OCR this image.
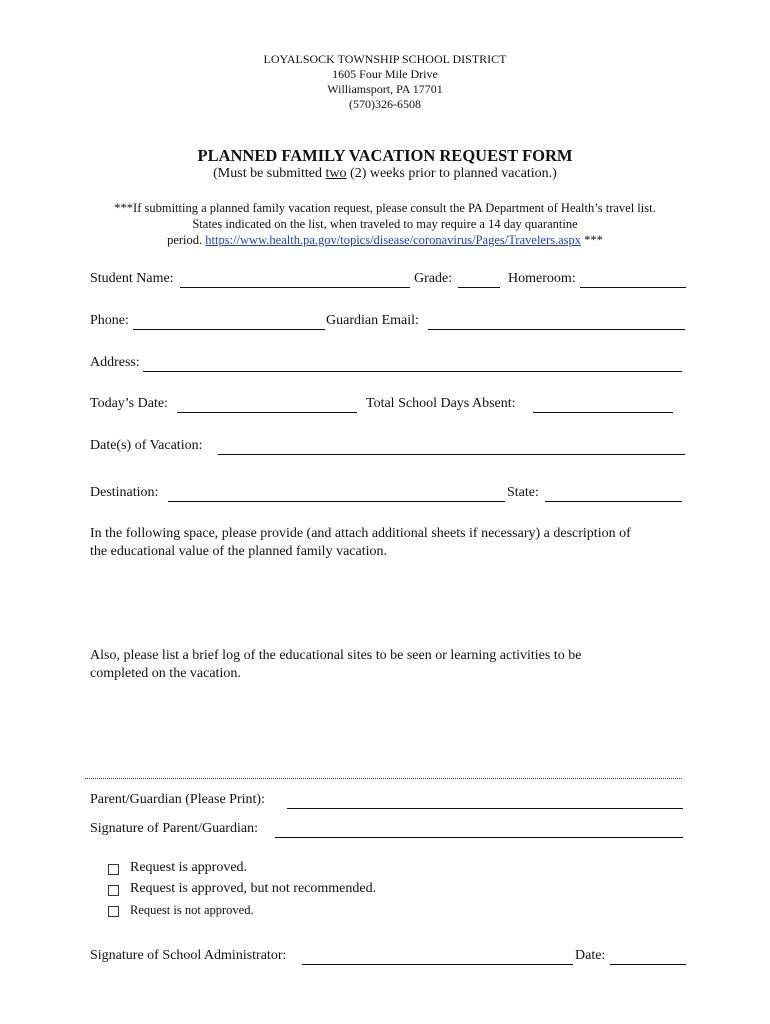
LOYALSOCK TOWNSHIP SCHOOL DISTRICT
1605 Four Mile Drive
Williamsport, PA 17701
(570)326-6508
PLANNED FAMILY VACATION REQUEST FORM
(Must be submitted two (2) weeks prior to planned vacation.)
***If submitting a planned family vacation request, please consult the PA Department of Health’s travel list.
States indicated on the list, when traveled to may require a 14 day quarantine
period. https://www.health.pa.gov/topics/disease/coronavirus/Pages/Travelers.aspx ***
Student Name:	Grade:	Homeroom:
Phone:	Guardian Email:
Address:
Today’s Date:	Total School Days Absent:
Date(s) of Vacation:
Destination:	State:
In the following space, please provide (and attach additional sheets if necessary) a description of
the educational value of the planned family vacation.
Also, please list a brief log of the educational sites to be seen or learning activities to be
completed on the vacation.
Parent/Guardian (Please Print):
Signature of Parent/Guardian:
Request is approved.
Request is approved, but not recommended.
Request is not approved.
Signature of School Administrator:	Date:
